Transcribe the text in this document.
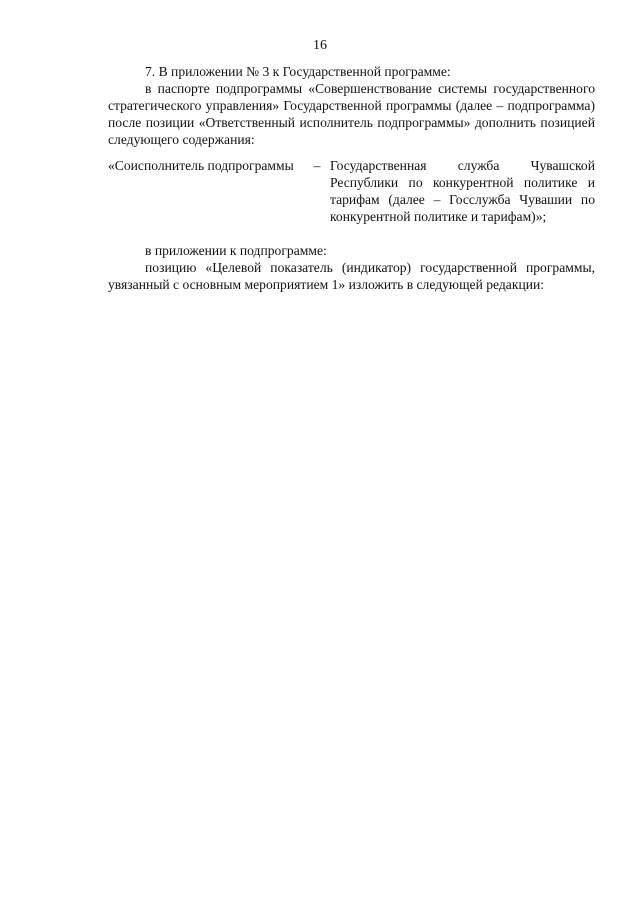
16

7. В приложении № 3 к Государственной программе:

в паспорте подпрограммы «Совершенствование системы государственного стратегического управления» Государственной программы (далее – подпрограмма) после позиции «Ответственный исполнитель подпрограммы» дополнить позицией следующего содержания:

«Соисполнитель подпрограммы	– Государственная служба Чувашской Республики по конкурентной политике и тарифам (далее – Госслужба Чувашии по конкурентной политике и тарифам)»;

в приложении к подпрограмме:

позицию «Целевой показатель (индикатор) государственной программы, увязанный с основным мероприятием 1» изложить в следующей редакции:
